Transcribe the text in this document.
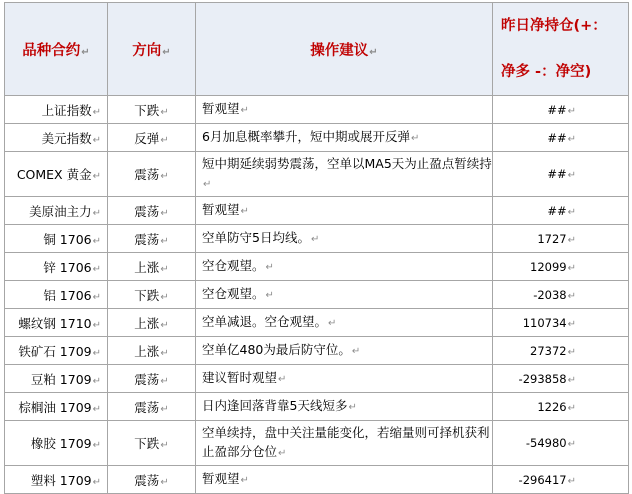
品种合约↵	方向↵	操作建议↵	昨日净持仓(+：
净多 -：净空)

上证指数↵	下跌↵	暂观望↵	##↵
美元指数↵	反弹↵	6月加息概率攀升，短中期或展开反弹↵	##↵
COMEX 黄金↵	震荡↵	短中期延续弱势震荡，空单以MA5天为止盈点暂续持↵	##↵
美原油主力↵	震荡↵	暂观望↵	##↵
铜 1706↵	震荡↵	空单防守5日均线。↵	1727↵
锌 1706↵	上涨↵	空仓观望。↵	12099↵
铝 1706↵	下跌↵	空仓观望。↵	-2038↵
螺纹钢 1710↵	上涨↵	空单减退。空仓观望。↵	110734↵
铁矿石 1709↵	上涨↵	空单亿480为最后防守位。↵	27372↵
豆粕 1709↵	震荡↵	建议暂时观望↵	-293858↵
棕榈油 1709↵	震荡↵	日内逢回落背靠5天线短多↵	1226↵
橡胶 1709↵	下跌↵	空单续持，盘中关注量能变化，若缩量则可择机获利止盈部分仓位↵	-54980↵
塑料 1709↵	震荡↵	暂观望↵	-296417↵
